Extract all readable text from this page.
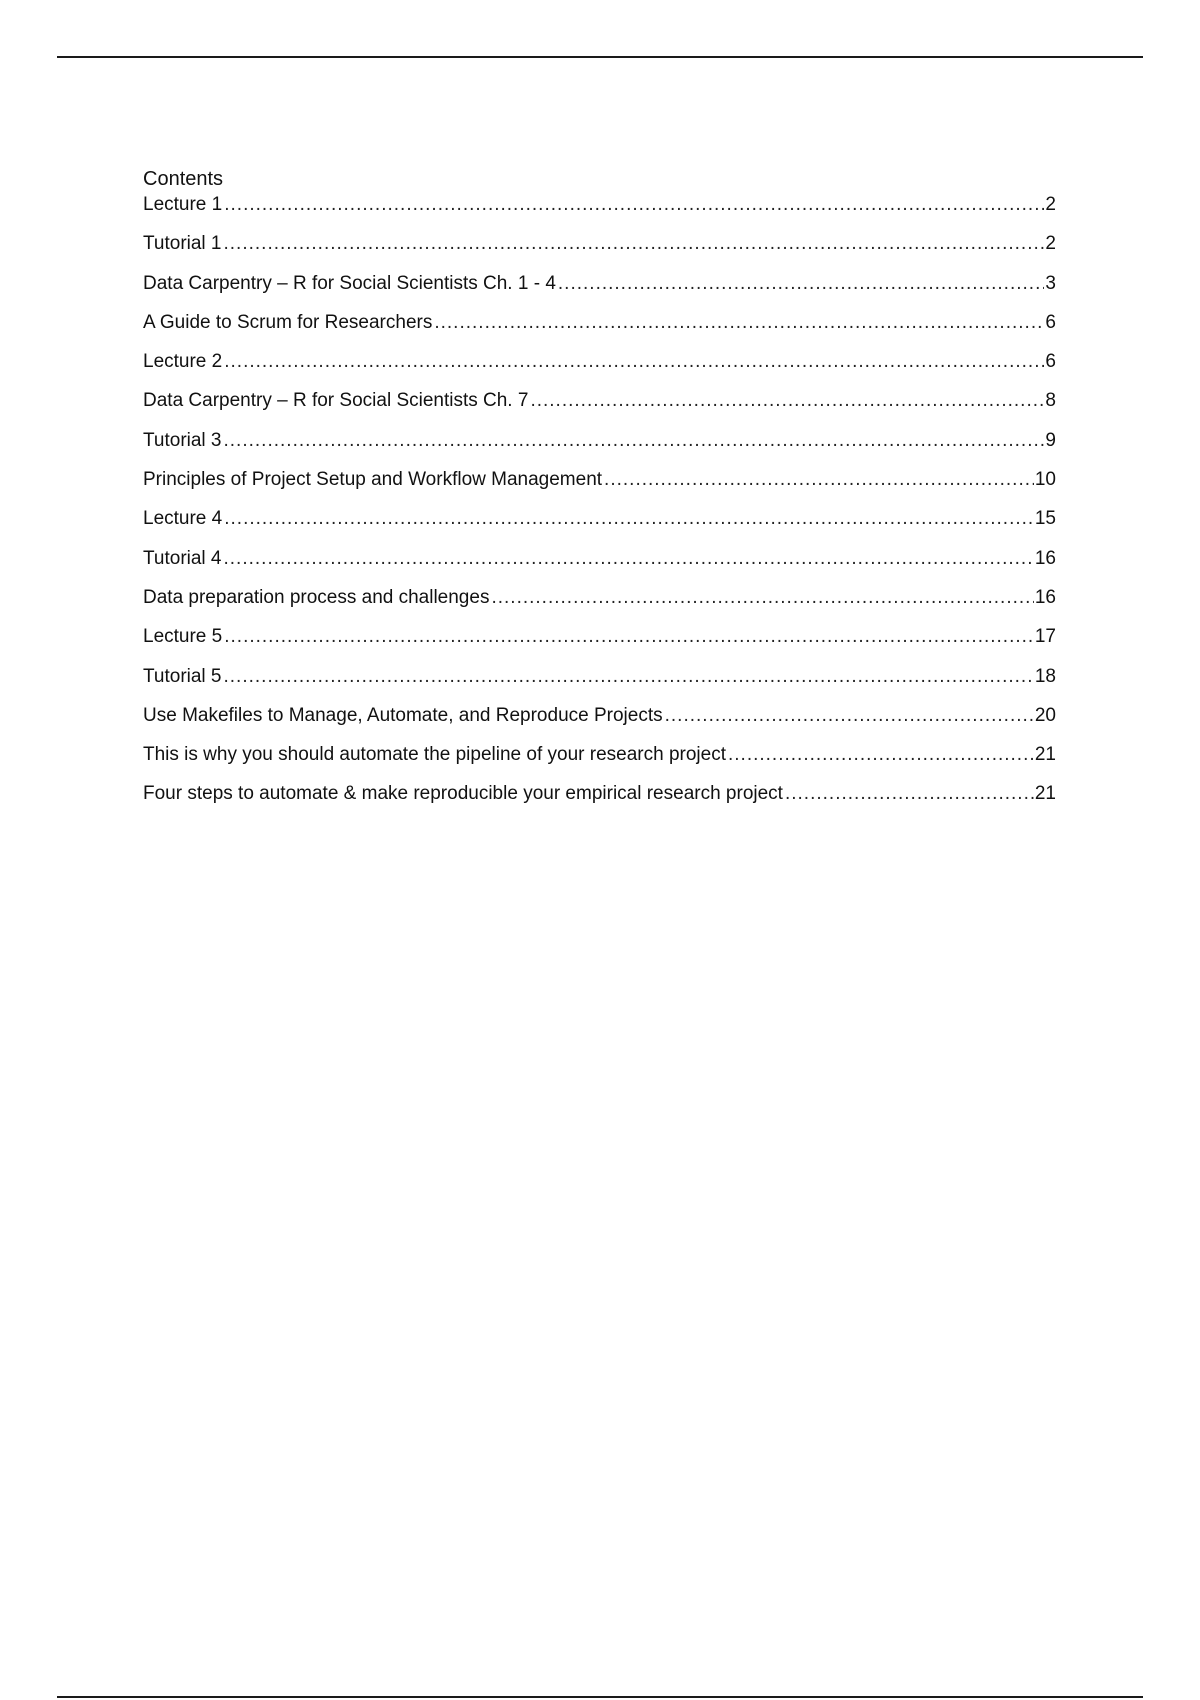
Contents
Lecture 1 .....	2
Tutorial 1 .....	2
Data Carpentry – R for Social Scientists Ch. 1 - 4 .....	3
A Guide to Scrum for Researchers .....	6
Lecture 2 .....	6
Data Carpentry – R for Social Scientists Ch. 7 .....	8
Tutorial 3 .....	9
Principles of Project Setup and Workflow Management .....	10
Lecture 4 .....	15
Tutorial 4 .....	16
Data preparation process and challenges .....	16
Lecture 5 .....	17
Tutorial 5 .....	18
Use Makefiles to Manage, Automate, and Reproduce Projects .....	20
This is why you should automate the pipeline of your research project .....	21
Four steps to automate & make reproducible your empirical research project .....	21
